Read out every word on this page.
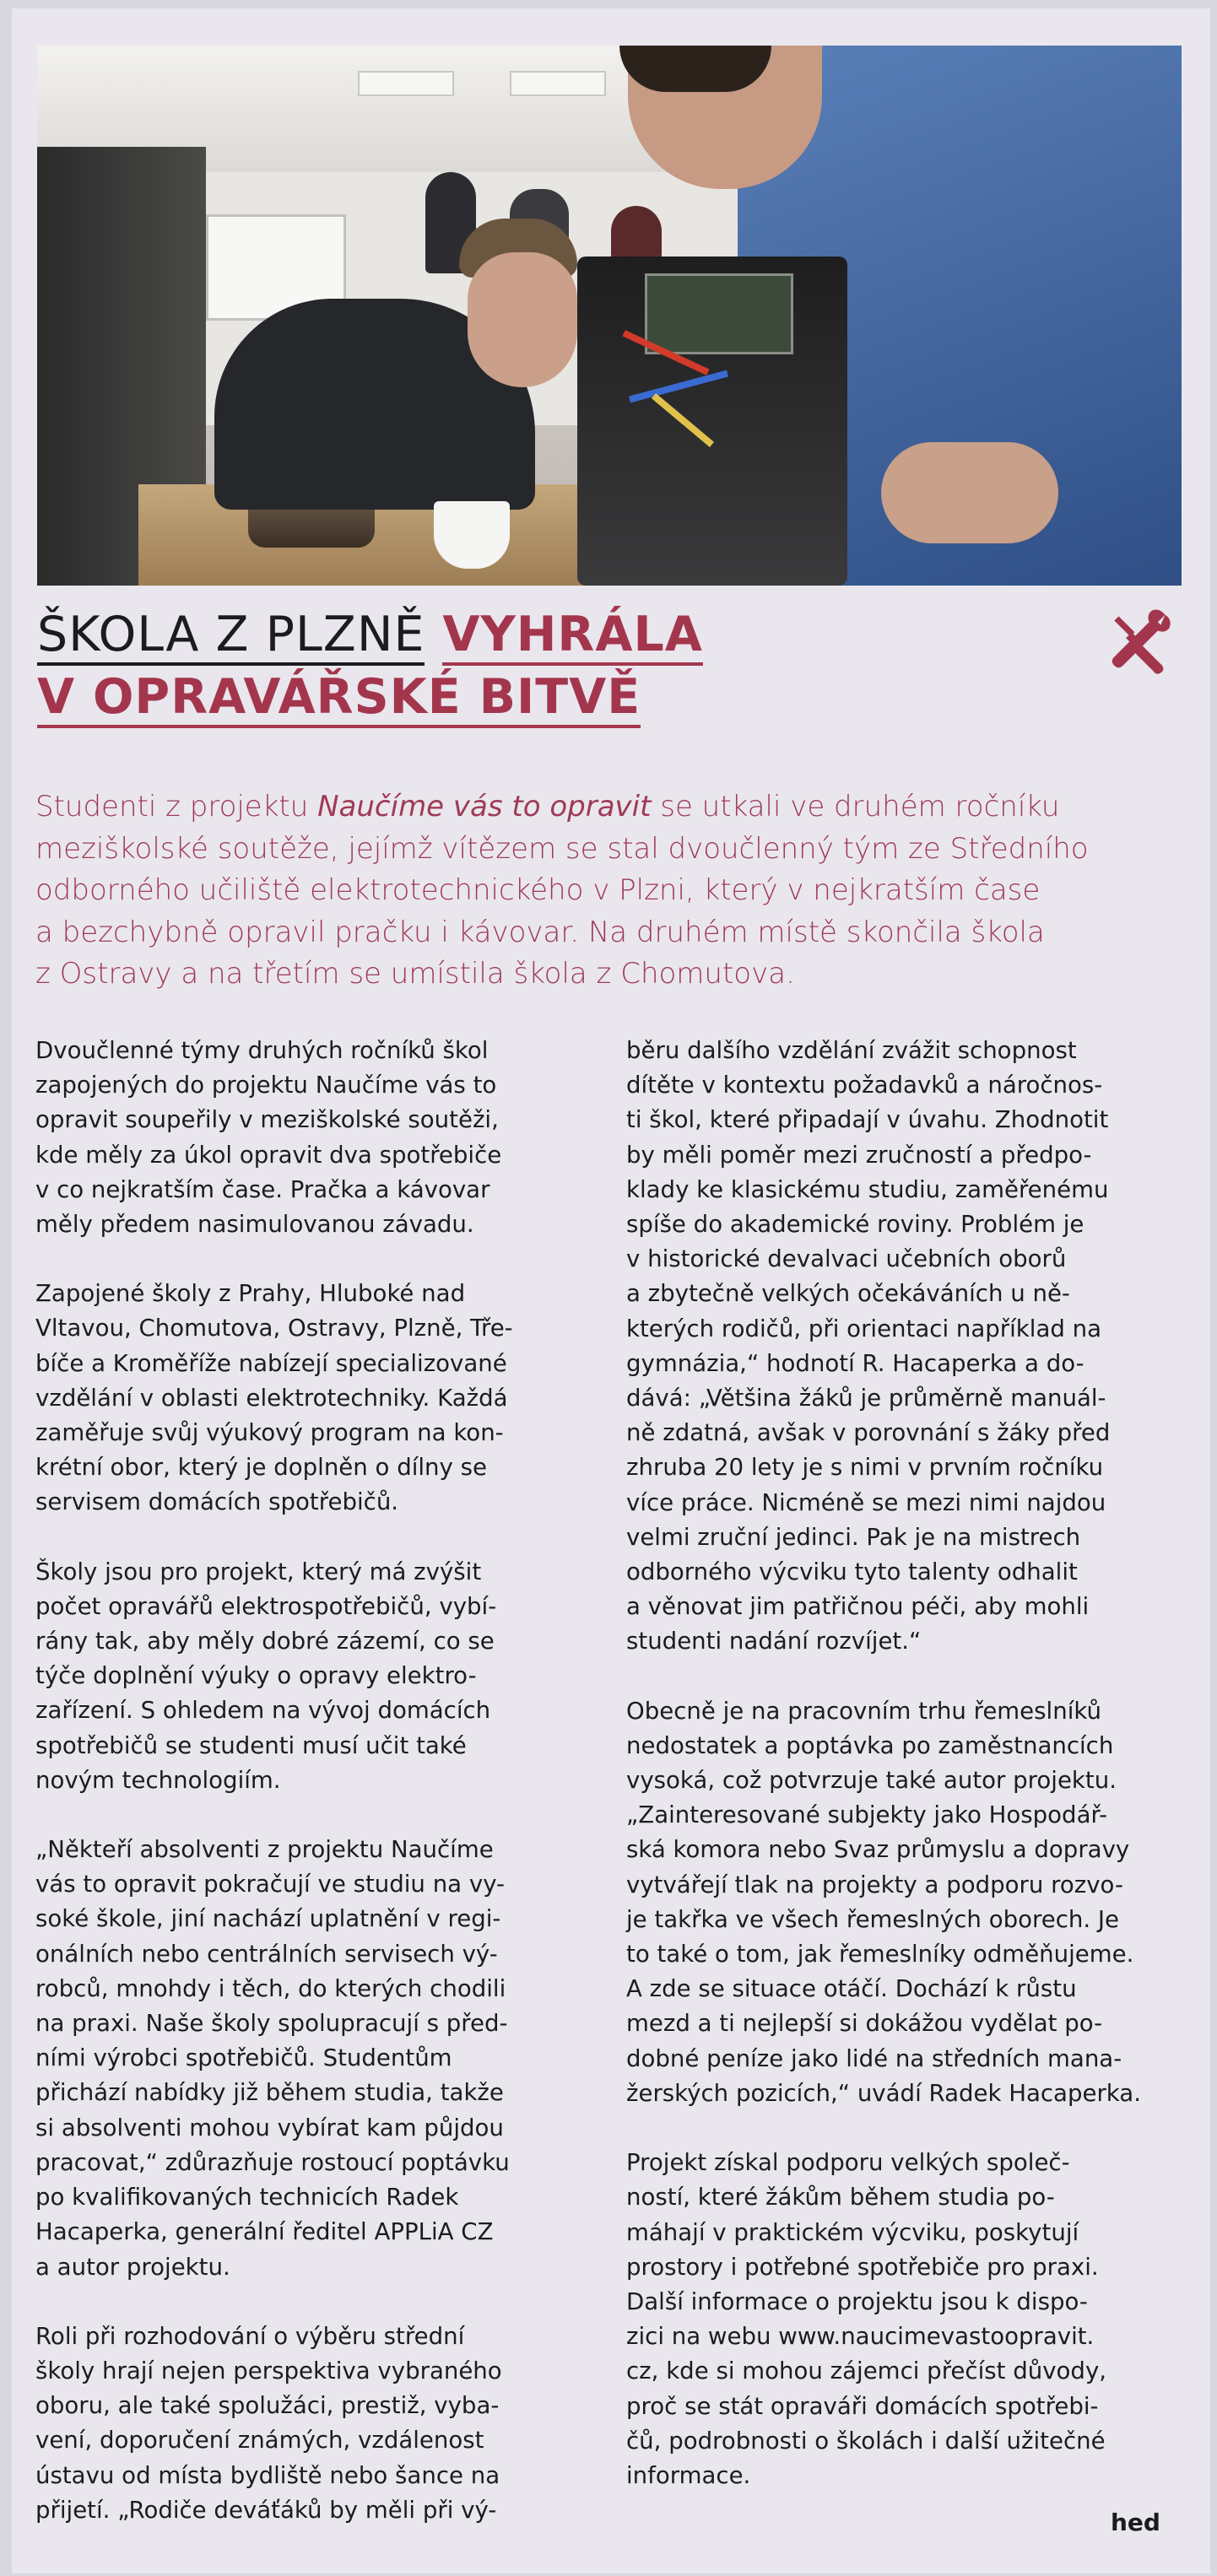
ŠKOLA Z PLZNĚ VYHRÁLA
V OPRAVÁŘSKÉ BITVĚ

Studenti z projektu Naučíme vás to opravit se utkali ve druhém ročníku
meziškolské soutěže, jejímž vítězem se stal dvoučlenný tým ze Středního
odborného učiliště elektrotechnického v Plzni, který v nejkratším čase
a bezchybně opravil pračku i kávovar. Na druhém místě skončila škola
z Ostravy a na třetím se umístila škola z Chomutova.

Dvoučlenné týmy druhých ročníků škol
zapojených do projektu Naučíme vás to
opravit soupeřily v meziškolské soutěži,
kde měly za úkol opravit dva spotřebiče
v co nejkratším čase. Pračka a kávovar
měly předem nasimulovanou závadu.

Zapojené školy z Prahy, Hluboké nad
Vltavou, Chomutova, Ostravy, Plzně, Tře-
bíče a Kroměříže nabízejí specializované
vzdělání v oblasti elektrotechniky. Každá
zaměřuje svůj výukový program na kon-
krétní obor, který je doplněn o dílny se
servisem domácích spotřebičů.

Školy jsou pro projekt, který má zvýšit
počet opravářů elektrospotřebičů, vybí-
rány tak, aby měly dobré zázemí, co se
týče doplnění výuky o opravy elektro-
zařízení. S ohledem na vývoj domácích
spotřebičů se studenti musí učit také
novým technologiím.

„Někteří absolventi z projektu Naučíme
vás to opravit pokračují ve studiu na vy-
soké škole, jiní nachází uplatnění v regi-
onálních nebo centrálních servisech vý-
robců, mnohdy i těch, do kterých chodili
na praxi. Naše školy spolupracují s před-
ními výrobci spotřebičů. Studentům
přichází nabídky již během studia, takže
si absolventi mohou vybírat kam půjdou
pracovat,“ zdůrazňuje rostoucí poptávku
po kvalifikovaných technicích Radek
Hacaperka, generální ředitel APPLiA CZ
a autor projektu.

Roli při rozhodování o výběru střední
školy hrají nejen perspektiva vybraného
oboru, ale také spolužáci, prestiž, vyba-
vení, doporučení známých, vzdálenost
ústavu od místa bydliště nebo šance na
přijetí. „Rodiče deváťáků by měli při vý-

běru dalšího vzdělání zvážit schopnost
dítěte v kontextu požadavků a náročnos-
ti škol, které připadají v úvahu. Zhodnotit
by měli poměr mezi zručností a předpo-
klady ke klasickému studiu, zaměřenému
spíše do akademické roviny. Problém je
v historické devalvaci učebních oborů
a zbytečně velkých očekáváních u ně-
kterých rodičů, při orientaci například na
gymnázia,“ hodnotí R. Hacaperka a do-
dává: „Většina žáků je průměrně manuál-
ně zdatná, avšak v porovnání s žáky před
zhruba 20 lety je s nimi v prvním ročníku
více práce. Nicméně se mezi nimi najdou
velmi zruční jedinci. Pak je na mistrech
odborného výcviku tyto talenty odhalit
a věnovat jim patřičnou péči, aby mohli
studenti nadání rozvíjet.“

Obecně je na pracovním trhu řemeslníků
nedostatek a poptávka po zaměstnancích
vysoká, což potvrzuje také autor projektu.
„Zainteresované subjekty jako Hospodář-
ská komora nebo Svaz průmyslu a dopravy
vytvářejí tlak na projekty a podporu rozvo-
je takřka ve všech řemeslných oborech. Je
to také o tom, jak řemeslníky odměňujeme.
A zde se situace otáčí. Dochází k růstu
mezd a ti nejlepší si dokážou vydělat po-
dobné peníze jako lidé na středních mana-
žerských pozicích,“ uvádí Radek Hacaperka.

Projekt získal podporu velkých společ-
ností, které žákům během studia po-
máhají v praktickém výcviku, poskytují
prostory i potřebné spotřebiče pro praxi.
Další informace o projektu jsou k dispo-
zici na webu www.naucimevastoopravit.
cz, kde si mohou zájemci přečíst důvody,
proč se stát opraváři domácích spotřebi-
čů, podrobnosti o školách i další užitečné
informace.

hed
